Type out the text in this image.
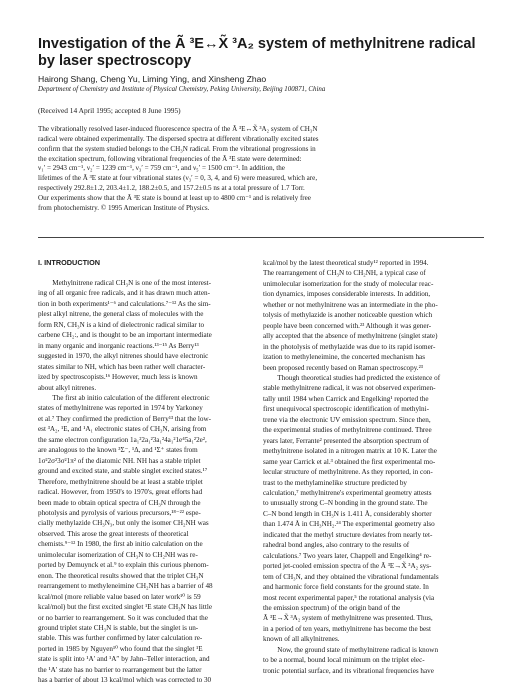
Investigation of the Ã ³E↔X̃ ³A₂ system of methylnitrene radical by laser spectroscopy
Hairong Shang, Cheng Yu, Liming Ying, and Xinsheng Zhao
Department of Chemistry and Institute of Physical Chemistry, Peking University, Beijing 100871, China
(Received 14 April 1995; accepted 8 June 1995)
The vibrationally resolved laser-induced fluorescence spectra of the Ã ³E↔X̃ ³A₂ system of CH₃N
radical were obtained experimentally. The dispersed spectra at different vibrationally excited states
confirm that the system studied belongs to the CH₃N radical. From the vibrational progressions in
the excitation spectrum, following vibrational frequencies of the Ã ³E state were determined:
ν₁′ = 2943 cm⁻¹, ν₂′ = 1239 cm⁻¹, ν₃′ = 759 cm⁻¹, and ν₅′ = 1500 cm⁻¹. In addition, the
lifetimes of the Ã ³E state at four vibrational states (ν₃′ = 0, 3, 4, and 6) were measured, which are,
respectively 292.8±1.2, 203.4±1.2, 188.2±0.5, and 157.2±0.5 ns at a total pressure of 1.7 Torr.
Our experiments show that the Ã ³E state is bound at least up to 4800 cm⁻¹ and is relatively free
from photochemistry. © 1995 American Institute of Physics.
I. INTRODUCTION
  Methylnitrene radical CH₃N is one of the most interest-
ing of all organic free radicals, and it has drawn much atten-
tion in both experiments¹⁻⁶ and calculations.⁷⁻¹² As the sim-
plest alkyl nitrene, the general class of molecules with the
form RN, CH₃N is a kind of dielectronic radical similar to
carbene CH₂:, and is thought to be an important intermediate
in many organic and inorganic reactions.¹³⁻¹⁵ As Berry¹³
suggested in 1970, the alkyl nitrenes should have electronic
states similar to NH, which has been rather well character-
ized by spectroscopists.¹⁶ However, much less is known
about alkyl nitrenes.
  The first ab initio calculation of the different electronic
states of methylnitrene was reported in 1974 by Yarkoney
et al.⁷ They confirmed the prediction of Berry¹³ that the low-
est ³A₂, ¹E, and ¹A₁ electronic states of CH₃N, arising from
the same electron configuration 1a₁²2a₁²3a₁²4a₁²1e⁴5a₁²2e²,
are analogous to the known ³Σ⁻, ¹Δ, and ¹Σ⁺ states from
1σ²2σ²3σ²1π² of the diatomic NH. NH has a stable triplet
ground and excited state, and stable singlet excited states.¹⁷
Therefore, methylnitrene should be at least a stable triplet
radical. However, from 1950's to 1970's, great efforts had
been made to obtain optical spectra of CH₃N through the
photolysis and pyrolysis of various precursors,¹⁸⁻²² espe-
cially methylazide CH₃N₃, but only the isomer CH₂NH was
observed. This arose the great interests of theoretical
chemists.⁹⁻¹² In 1980, the first ab initio calculation on the
unimolecular isomerization of CH₃N to CH₂NH was re-
ported by Demuynck et al.⁹ to explain this curious phenom-
enon. The theoretical results showed that the triplet CH₃N
rearrangement to methyleneimine CH₂NH has a barrier of 48
kcal/mol (more reliable value based on later work¹⁰ is 59
kcal/mol) but the first excited singlet ¹E state CH₃N has little
or no barrier to rearrangement. So it was concluded that the
ground triplet state CH₃N is stable, but the singlet is un-
stable. This was further confirmed by later calculation re-
ported in 1985 by Nguyen¹⁰ who found that the singlet ¹E
state is split into ¹A′ and ¹A″ by Jahn–Teller interaction, and
the ¹A′ state has no barrier to rearrangement but the latter
has a barrier of about 13 kcal/mol which was corrected to 30
kcal/mol by the latest theoretical study¹² reported in 1994.
The rearrangement of CH₃N to CH₂NH, a typical case of
unimolecular isomerization for the study of molecular reac-
tion dynamics, imposes considerable interests. In addition,
whether or not methylnitrene was an intermediate in the pho-
tolysis of methylazide is another noticeable question which
people have been concerned with.²³ Although it was gener-
ally accepted that the absence of methylnitrene (singlet state)
in the photolysis of methylazide was due to its rapid isomer-
ization to methyleneimine, the concerted mechanism has
been proposed recently based on Raman spectroscopy.²³
  Though theoretical studies had predicted the existence of
stable methylnitrene radical, it was not observed experimen-
tally until 1984 when Carrick and Engelking¹ reported the
first unequivocal spectroscopic identification of methylni-
trene via the electronic UV emission spectrum. Since then,
the experimental studies of methylnitrene continued. Three
years later, Ferrante² presented the absorption spectrum of
methylnitrene isolated in a nitrogen matrix at 10 K. Later the
same year Carrick et al.³ obtained the first experimental mo-
lecular structure of methylnitrene. As they reported, in con-
trast to the methylaminelike structure predicted by
calculation,⁷ methylnitrene's experimental geometry attests
to unusually strong C–N bonding in the ground state. The
C–N bond length in CH₃N is 1.411 Å, considerably shorter
than 1.474 Å in CH₃NH₂.²⁴ The experimental geometry also
indicated that the methyl structure deviates from nearly tet-
rahedral bond angles, also contrary to the results of
calculations.⁷ Two years later, Chappell and Engelking⁴ re-
ported jet-cooled emission spectra of the Ã ³E→X̃ ³A₂ sys-
tem of CH₃N, and they obtained the vibrational fundamentals
and harmonic force field constants for the ground state. In
most recent experimental paper,⁵ the rotational analysis (via
the emission spectrum) of the origin band of the
Ã ³E→X̃ ³A₂ system of methylnitrene was presented. Thus,
in a period of ten years, methylnitrene has become the best
known of all alkylnitrenes.
  Now, the ground state of methylnitrene radical is known
to be a normal, bound local minimum on the triplet elec-
tronic potential surface, and its vibrational frequencies have
